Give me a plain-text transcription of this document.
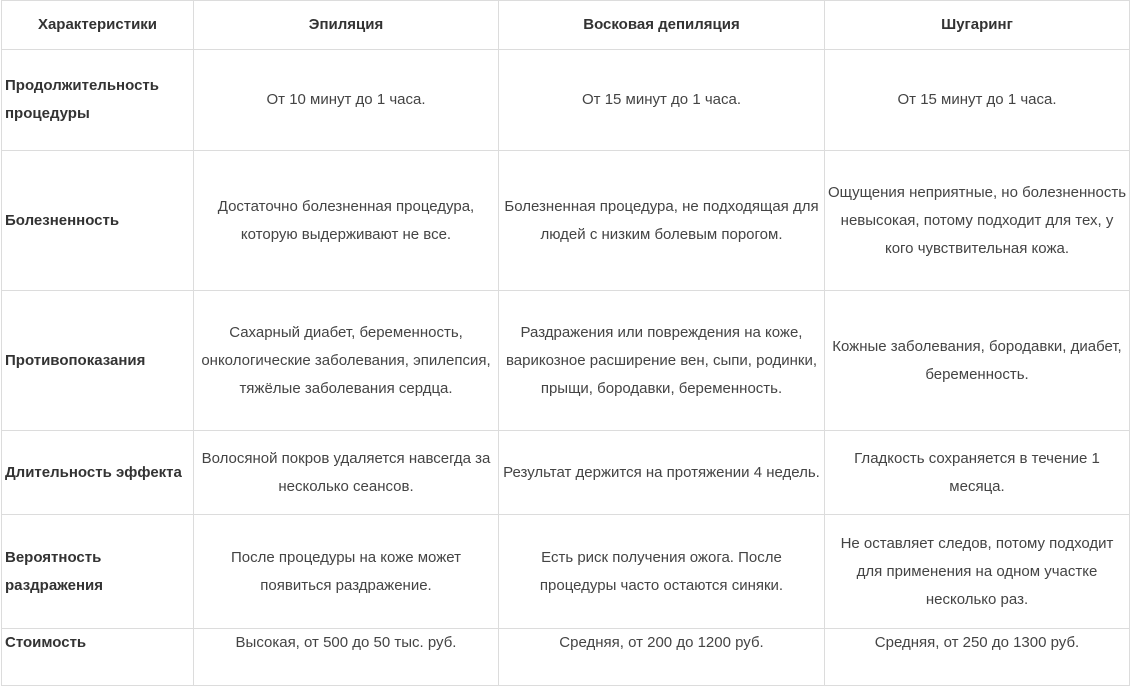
Характеристики	Эпиляция	Восковая депиляция	Шугаринг
Продолжительность процедуры	От 10 минут до 1 часа.	От 15 минут до 1 часа.	От 15 минут до 1 часа.
Болезненность	Достаточно болезненная процедура, которую выдерживают не все.	Болезненная процедура, не подходящая для людей с низким болевым порогом.	Ощущения неприятные, но болезненность невысокая, потому подходит для тех, у кого чувствительная кожа.
Противопоказания	Сахарный диабет, беременность, онкологические заболевания, эпилепсия, тяжёлые заболевания сердца.	Раздражения или повреждения на коже, варикозное расширение вен, сыпи, родинки, прыщи, бородавки, беременность.	Кожные заболевания, бородавки, диабет, беременность.
Длительность эффекта	Волосяной покров удаляется навсегда за несколько сеансов.	Результат держится на протяжении 4 недель.	Гладкость сохраняется в течение 1 месяца.
Вероятность раздражения	После процедуры на коже может появиться раздражение.	Есть риск получения ожога. После процедуры часто остаются синяки.	Не оставляет следов, потому подходит для применения на одном участке несколько раз.
Стоимость	Высокая, от 500 до 50 тыс. руб.	Средняя, от 200 до 1200 руб.	Средняя, от 250 до 1300 руб.
